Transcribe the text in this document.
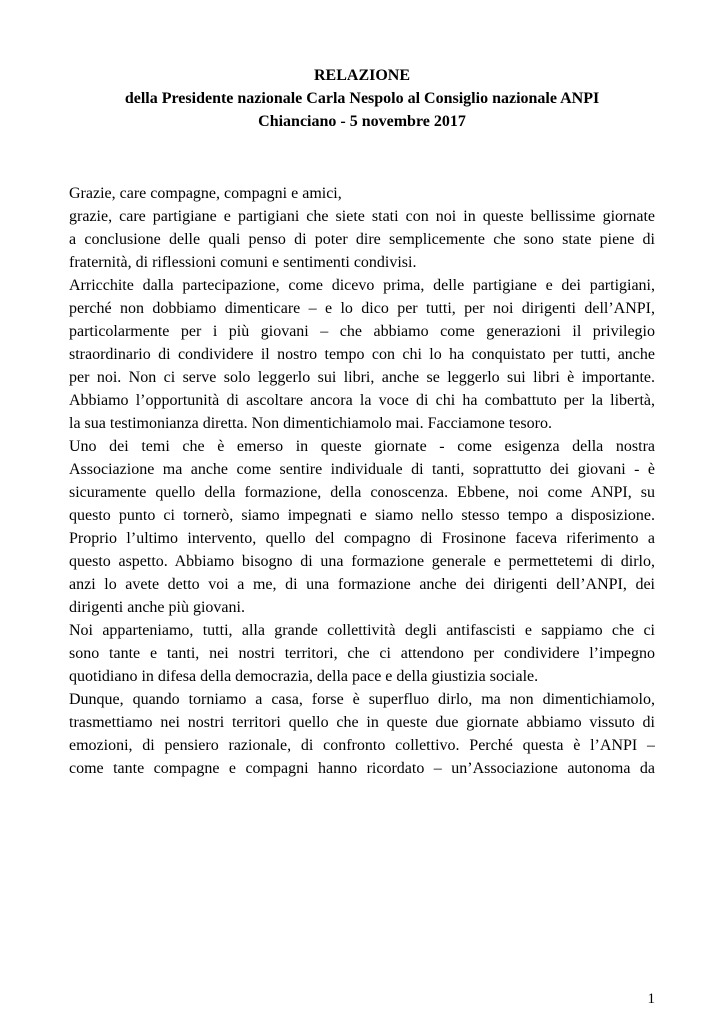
RELAZIONE
della Presidente nazionale Carla Nespolo al Consiglio nazionale ANPI
Chianciano - 5 novembre 2017
Grazie, care compagne, compagni e amici,
grazie, care partigiane e partigiani che siete stati con noi in queste bellissime giornate
a conclusione delle quali penso di poter dire semplicemente che sono state piene di
fraternità, di riflessioni comuni e sentimenti condivisi.
Arricchite dalla partecipazione, come dicevo prima, delle partigiane e dei partigiani,
perché non dobbiamo dimenticare – e lo dico per tutti, per noi dirigenti dell’ANPI,
particolarmente per i più giovani – che abbiamo come generazioni il privilegio
straordinario di condividere il nostro tempo con chi lo ha conquistato per tutti, anche
per noi. Non ci serve solo leggerlo sui libri, anche se leggerlo sui libri è importante.
Abbiamo l’opportunità di ascoltare ancora la voce di chi ha combattuto per la libertà,
la sua testimonianza diretta. Non dimentichiamolo mai. Facciamone tesoro.
Uno dei temi che è emerso in queste giornate - come esigenza della nostra
Associazione ma anche come sentire individuale di tanti, soprattutto dei giovani - è
sicuramente quello della formazione, della conoscenza. Ebbene, noi come ANPI, su
questo punto ci tornerò, siamo impegnati e siamo nello stesso tempo a disposizione.
Proprio l’ultimo intervento, quello del compagno di Frosinone faceva riferimento a
questo aspetto. Abbiamo bisogno di una formazione generale e permettetemi di dirlo,
anzi lo avete detto voi a me, di una formazione anche dei dirigenti dell’ANPI, dei
dirigenti anche più giovani.
Noi apparteniamo, tutti, alla grande collettività degli antifascisti e sappiamo che ci
sono tante e tanti, nei nostri territori, che ci attendono per condividere l’impegno
quotidiano in difesa della democrazia, della pace e della giustizia sociale.
Dunque, quando torniamo a casa, forse è superfluo dirlo, ma non dimentichiamolo,
trasmettiamo nei nostri territori quello che in queste due giornate abbiamo vissuto di
emozioni, di pensiero razionale, di confronto collettivo. Perché questa è l’ANPI –
come tante compagne e compagni hanno ricordato – un’Associazione autonoma da
1
